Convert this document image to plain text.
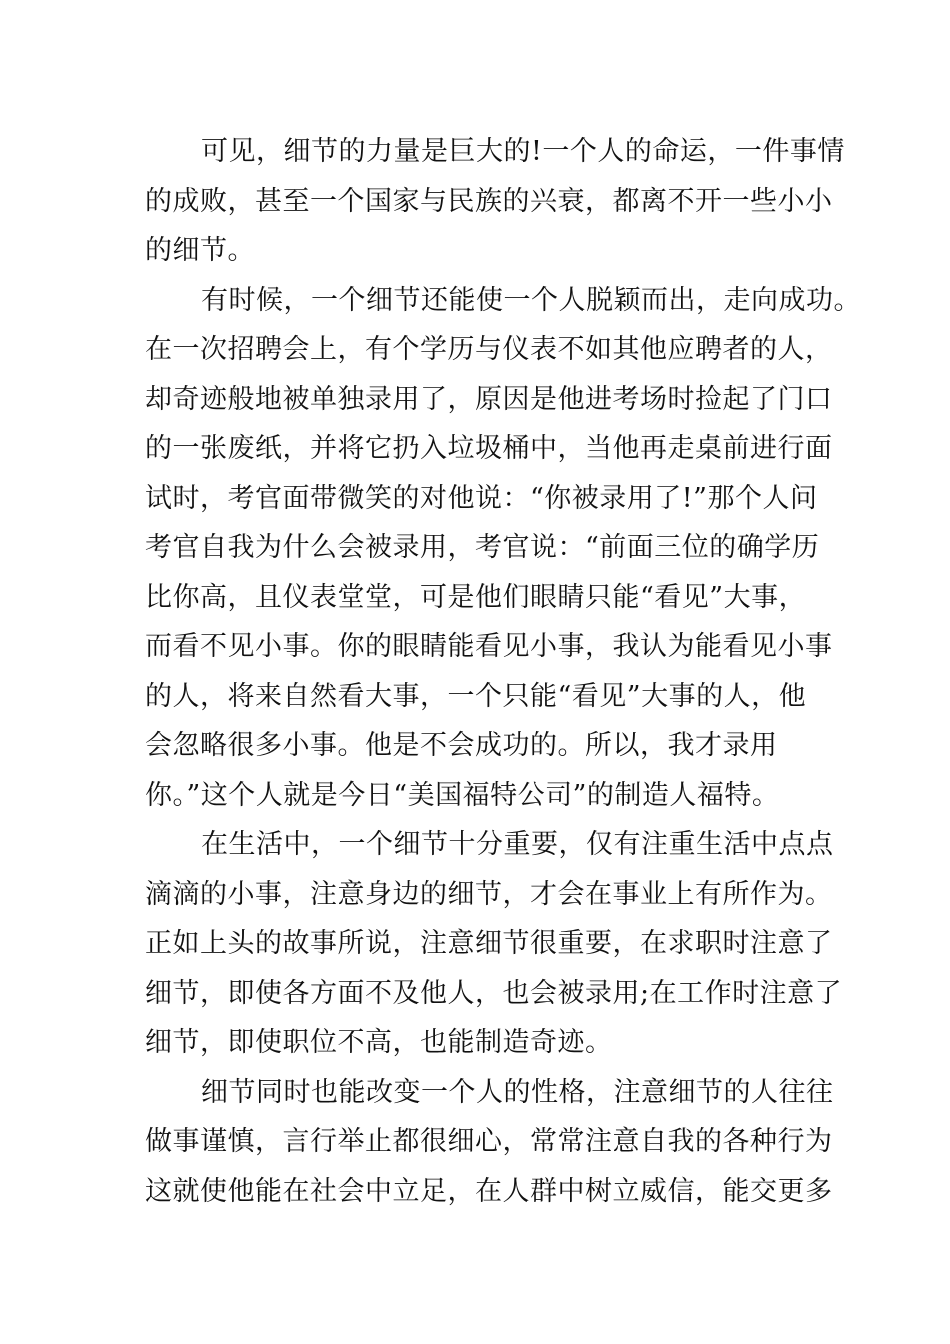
可见，细节的力量是巨大的!一个人的命运，一件事情
的成败，甚至一个国家与民族的兴衰，都离不开一些小小
的细节。
有时候，一个细节还能使一个人脱颖而出，走向成功。
在一次招聘会上，有个学历与仪表不如其他应聘者的人，
却奇迹般地被单独录用了，原因是他进考场时捡起了门口
的一张废纸，并将它扔入垃圾桶中，当他再走桌前进行面
试时，考官面带微笑的对他说：“你被录用了!”那个人问
考官自我为什么会被录用，考官说：“前面三位的确学历
比你高，且仪表堂堂，可是他们眼睛只能“看见”大事，
而看不见小事。你的眼睛能看见小事，我认为能看见小事
的人，将来自然看大事，一个只能“看见”大事的人，他
会忽略很多小事。他是不会成功的。所以，我才录用
你。”这个人就是今日“美国福特公司”的制造人福特。
在生活中，一个细节十分重要，仅有注重生活中点点
滴滴的小事，注意身边的细节，才会在事业上有所作为。
正如上头的故事所说，注意细节很重要，在求职时注意了
细节，即使各方面不及他人，也会被录用;在工作时注意了
细节，即使职位不高，也能制造奇迹。
细节同时也能改变一个人的性格，注意细节的人往往
做事谨慎，言行举止都很细心，常常注意自我的各种行为
这就使他能在社会中立足，在人群中树立威信，能交更多
